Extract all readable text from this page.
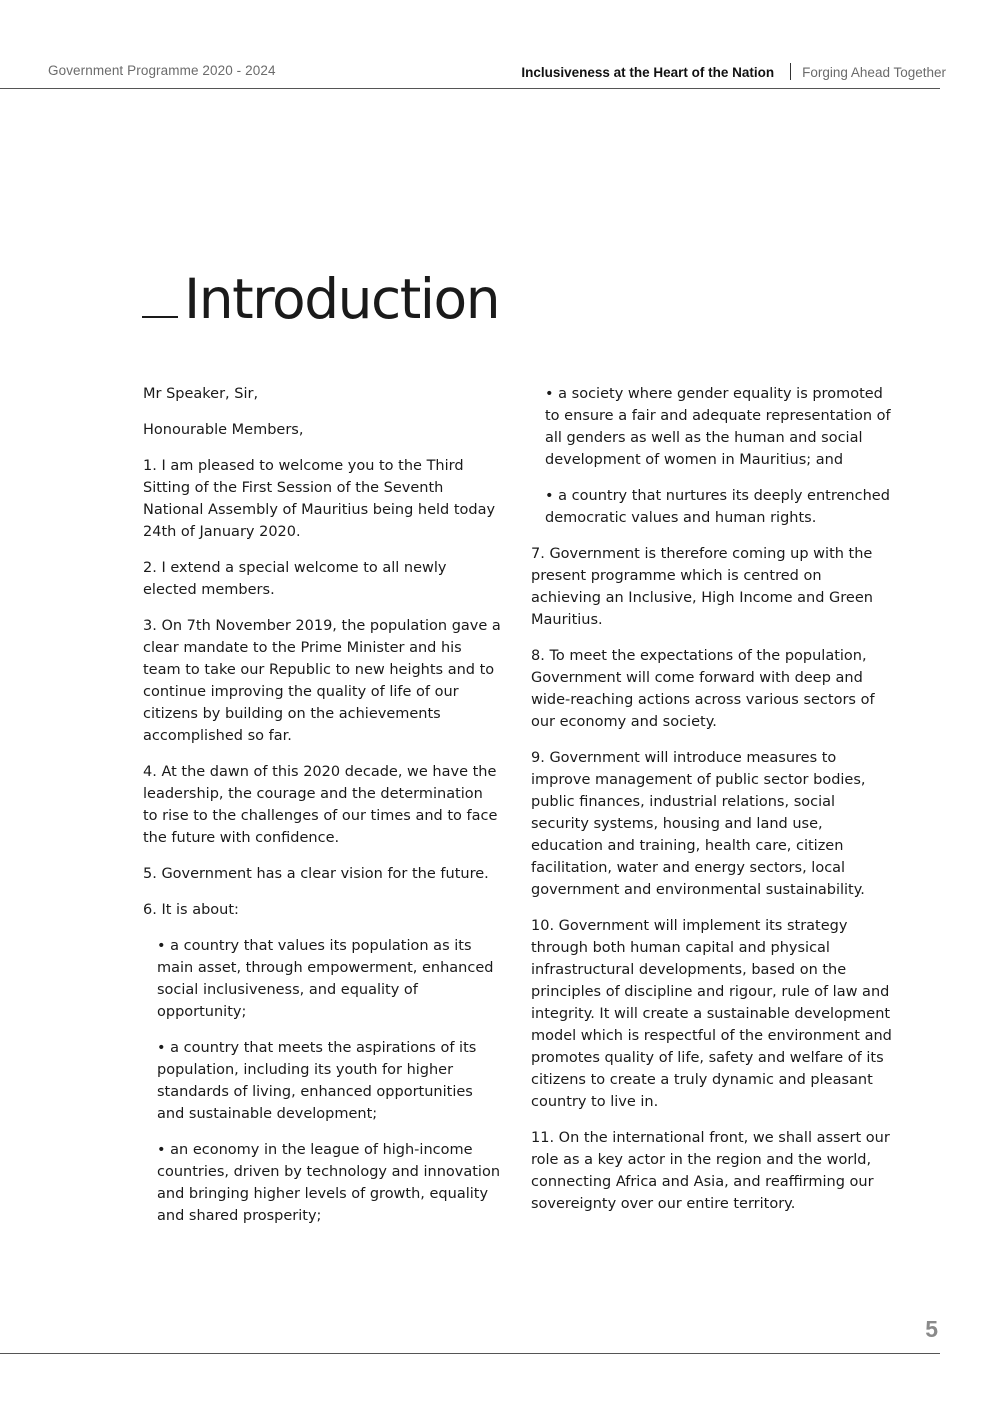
Government Programme 2020 - 2024	Inclusiveness at the Heart of the Nation Forging Ahead Together
Introduction

Mr Speaker, Sir,

Honourable Members,

1. I am pleased to welcome you to the Third Sitting of the First Session of the Seventh National Assembly of Mauritius being held today 24th of January 2020.

2. I extend a special welcome to all newly elected members.

3. On 7th November 2019, the population gave a clear mandate to the Prime Minister and his team to take our Republic to new heights and to continue improving the quality of life of our citizens by building on the achievements accomplished so far.

4. At the dawn of this 2020 decade, we have the leadership, the courage and the determination to rise to the challenges of our times and to face the future with confidence.

5. Government has a clear vision for the future.

6. It is about:

• a country that values its population as its main asset, through empowerment, enhanced social inclusiveness, and equality of opportunity;

• a country that meets the aspirations of its population, including its youth for higher standards of living, enhanced opportunities and sustainable development;

• an economy in the league of high-income countries, driven by technology and innovation and bringing higher levels of growth, equality and shared prosperity;

• a society where gender equality is promoted to ensure a fair and adequate representation of all genders as well as the human and social development of women in Mauritius; and

• a country that nurtures its deeply entrenched democratic values and human rights.

7. Government is therefore coming up with the present programme which is centred on achieving an Inclusive, High Income and Green Mauritius.

8. To meet the expectations of the population, Government will come forward with deep and wide-reaching actions across various sectors of our economy and society.

9. Government will introduce measures to improve management of public sector bodies, public finances, industrial relations, social security systems, housing and land use, education and training, health care, citizen facilitation, water and energy sectors, local government and environmental sustainability.

10. Government will implement its strategy through both human capital and physical infrastructural developments, based on the principles of discipline and rigour, rule of law and integrity. It will create a sustainable development model which is respectful of the environment and promotes quality of life, safety and welfare of its citizens to create a truly dynamic and pleasant country to live in.

11. On the international front, we shall assert our role as a key actor in the region and the world, connecting Africa and Asia, and reaffirming our sovereignty over our entire territory.

5
